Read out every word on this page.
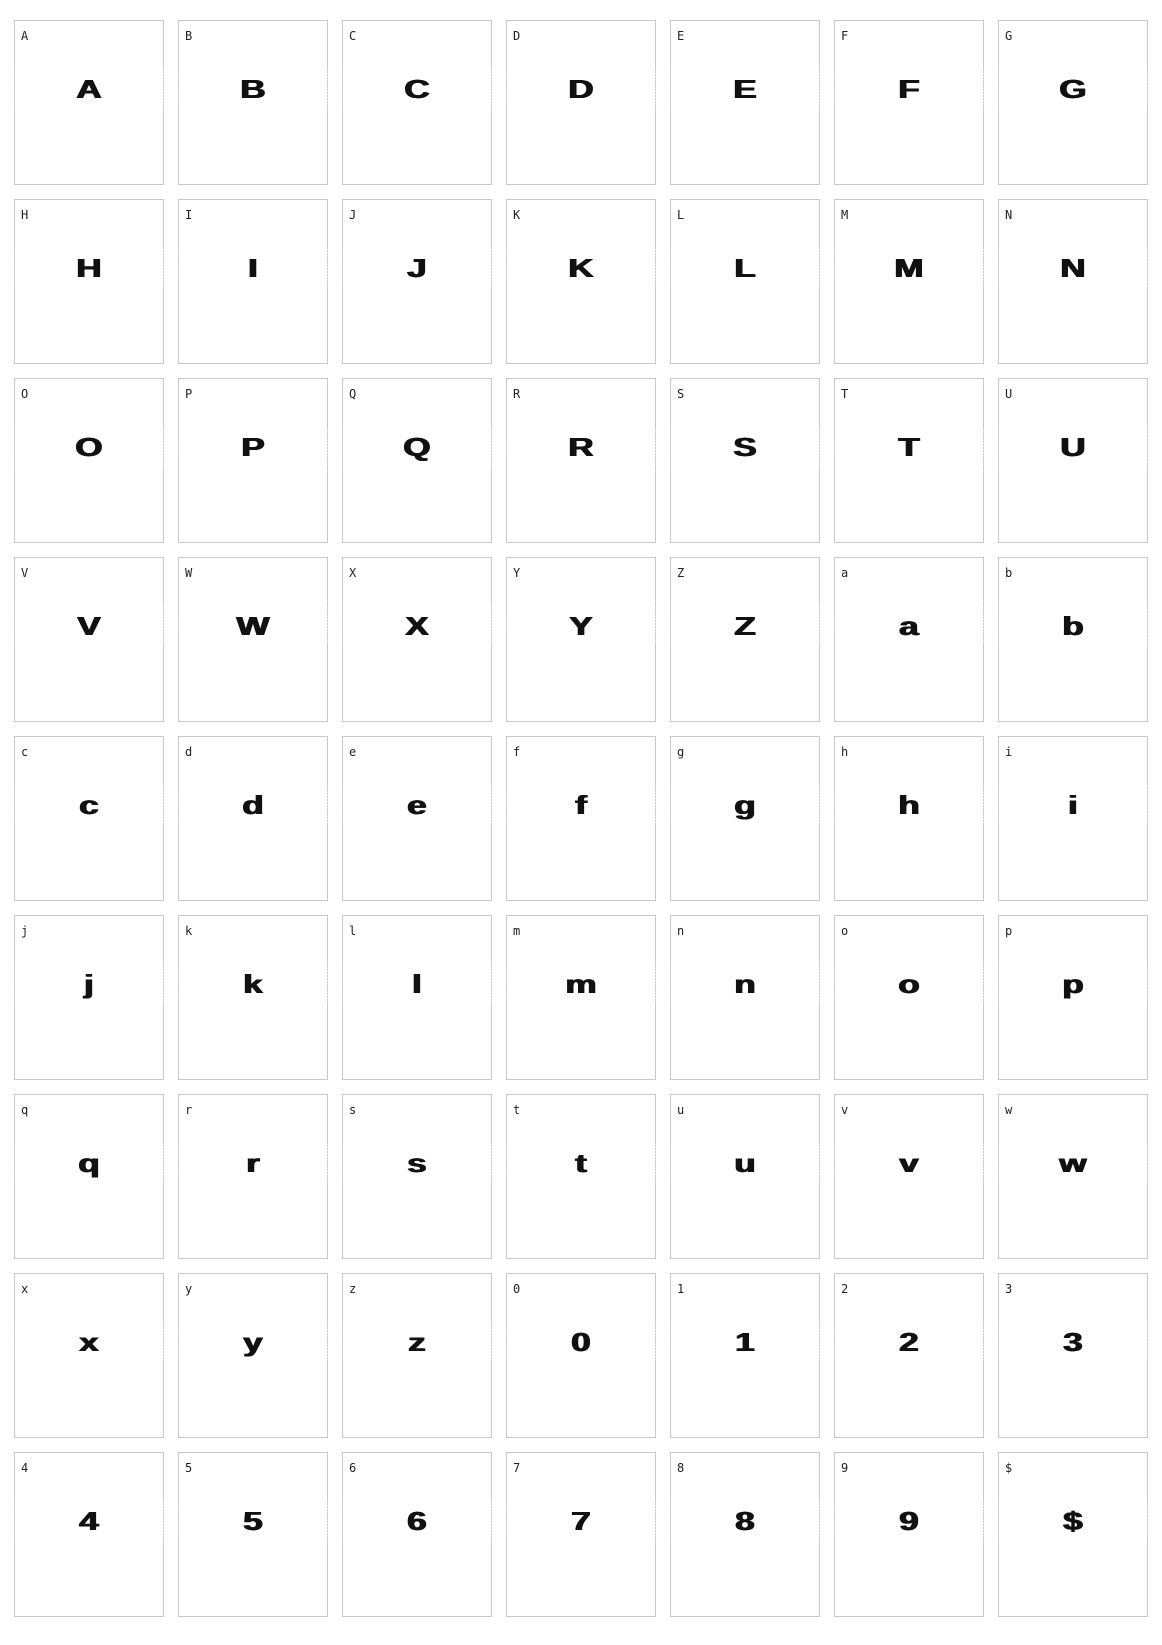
A
A
B
B
C
C
D
D
E
E
F
F
G
G
H
H
I
I
J
J
K
K
L
L
M
M
N
N
O
O
P
P
Q
Q
R
R
S
S
T
T
U
U
V
V
W
W
X
X
Y
Y
Z
Z
a
a
b
b
c
c
d
d
e
e
f
f
g
g
h
h
i
i
j
j
k
k
l
l
m
m
n
n
o
o
p
p
q
q
r
r
s
s
t
t
u
u
v
v
w
w
x
x
y
y
z
z
0
0
1
1
2
2
3
3
4
4
5
5
6
6
7
7
8
8
9
9
$
$
